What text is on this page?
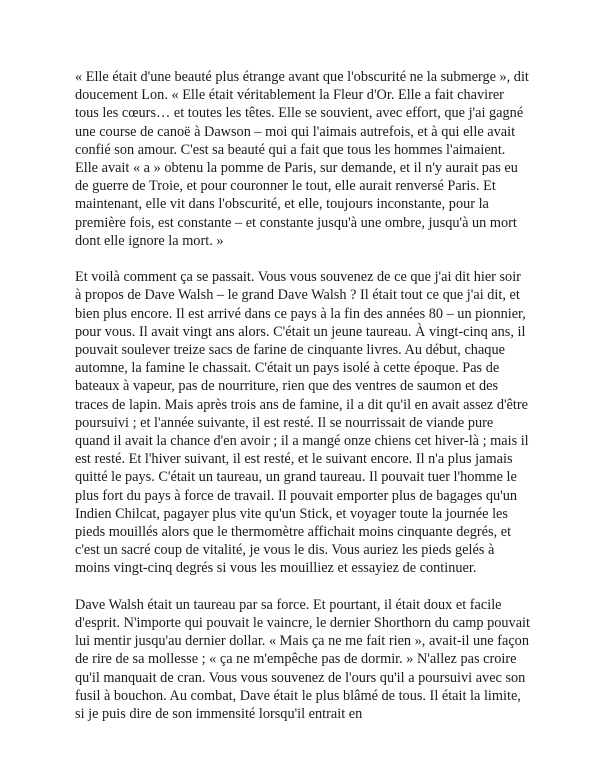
« Elle était d'une beauté plus étrange avant que l'obscurité ne la submerge », dit doucement Lon. « Elle était véritablement la Fleur d'Or. Elle a fait chavirer tous les cœurs… et toutes les têtes. Elle se souvient, avec effort, que j'ai gagné une course de canoë à Dawson – moi qui l'aimais autrefois, et à qui elle avait confié son amour. C'est sa beauté qui a fait que tous les hommes l'aimaient. Elle avait « a » obtenu la pomme de Paris, sur demande, et il n'y aurait pas eu de guerre de Troie, et pour couronner le tout, elle aurait renversé Paris. Et maintenant, elle vit dans l'obscurité, et elle, toujours inconstante, pour la première fois, est constante – et constante jusqu'à une ombre, jusqu'à un mort dont elle ignore la mort. »

Et voilà comment ça se passait. Vous vous souvenez de ce que j'ai dit hier soir à propos de Dave Walsh – le grand Dave Walsh ? Il était tout ce que j'ai dit, et bien plus encore. Il est arrivé dans ce pays à la fin des années 80 – un pionnier, pour vous. Il avait vingt ans alors. C'était un jeune taureau. À vingt-cinq ans, il pouvait soulever treize sacs de farine de cinquante livres. Au début, chaque automne, la famine le chassait. C'était un pays isolé à cette époque. Pas de bateaux à vapeur, pas de nourriture, rien que des ventres de saumon et des traces de lapin. Mais après trois ans de famine, il a dit qu'il en avait assez d'être poursuivi ; et l'année suivante, il est resté. Il se nourrissait de viande pure quand il avait la chance d'en avoir ; il a mangé onze chiens cet hiver-là ; mais il est resté. Et l'hiver suivant, il est resté, et le suivant encore. Il n'a plus jamais quitté le pays. C'était un taureau, un grand taureau. Il pouvait tuer l'homme le plus fort du pays à force de travail. Il pouvait emporter plus de bagages qu'un Indien Chilcat, pagayer plus vite qu'un Stick, et voyager toute la journée les pieds mouillés alors que le thermomètre affichait moins cinquante degrés, et c'est un sacré coup de vitalité, je vous le dis. Vous auriez les pieds gelés à moins vingt-cinq degrés si vous les mouilliez et essayiez de continuer.

Dave Walsh était un taureau par sa force. Et pourtant, il était doux et facile d'esprit. N'importe qui pouvait le vaincre, le dernier Shorthorn du camp pouvait lui mentir jusqu'au dernier dollar. « Mais ça ne me fait rien », avait-il une façon de rire de sa mollesse ; « ça ne m'empêche pas de dormir. » N'allez pas croire qu'il manquait de cran. Vous vous souvenez de l'ours qu'il a poursuivi avec son fusil à bouchon. Au combat, Dave était le plus blâmé de tous. Il était la limite, si je puis dire de son immensité lorsqu'il entrait en
